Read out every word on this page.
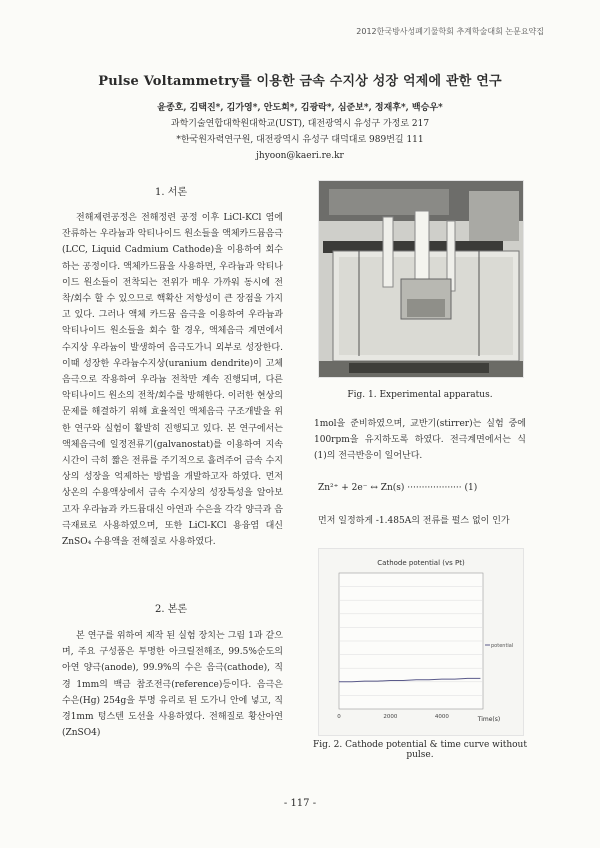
2012한국방사성폐기물학회 추계학술대회 논문요약집
Pulse Voltammetry를 이용한 금속 수지상 성장 억제에 관한 연구
윤종호, 김택진*, 김가영*, 안도희*, 김광락*, 심준보*, 정재후*, 백승우*
과학기술연합대학원대학교(UST), 대전광역시 유성구 가정로 217
*한국원자력연구원, 대전광역시 유성구 대덕대로 989번길 111
jhyoon@kaeri.re.kr
1. 서론

전해제련공정은 전해정련 공정 이후 LiCl-KCl 염에 잔류하는 우라늄과 악티나이드 원소들을 액체카드뮴음극(LCC, Liquid Cadmium Cathode)을 이용하여 회수하는 공정이다. 액체카드뮴을 사용하면, 우라늄과 악티나이드 원소들이 전착되는 전위가 매우 가까워 동시에 전착/회수 할 수 있으므로 핵확산 저항성이 큰 장점을 가지고 있다. 그러나 액체 카드뮴 음극을 이용하여 우라늄과 악티나이드 원소들을 회수 할 경우, 액체음극 계면에서 수지상 우라늄이 발생하여 음극도가니 외부로 성장한다. 이때 성장한 우라늄수지상(uranium dendrite)이 고체음극으로 작용하여 우라늄 전착만 계속 진행되며, 다른 악티나이드 원소의 전착/회수를 방해한다. 이러한 현상의 문제를 해결하기 위해 효율적인 액체음극 구조개발을 위한 연구와 실험이 활발히 진행되고 있다. 본 연구에서는 액체음극에 일정전류기(galvanostat)를 이용하여 지속시간이 극히 짧은 전류를 주기적으로 흘려주어 금속 수지상의 성장을 억제하는 방법을 개발하고자 하였다. 먼저 상온의 수용액상에서 금속 수지상의 성장특성을 알아보고자 우라늄과 카드뮴대신 아연과 수은을 각각 양극과 음극재료로 사용하였으며, 또한 LiCl-KCl 용융염 대신 ZnSO₄ 수용액을 전해질로 사용하였다.

2. 본론

본 연구를 위하여 제작 된 실험 장치는 그림 1과 같으며, 주요 구성품은 투명한 아크릴전해조, 99.5%순도의 아연 양극(anode), 99.9%의 수은 음극(cathode), 직경 1mm의 백금 참조전극(reference)등이다. 음극은 수은(Hg) 254g을 투명 유리로 된 도가니 안에 넣고, 직경1mm 텅스텐 도선을 사용하였다. 전해질로 황산아연(ZnSO4)

Fig. 1. Experimental apparatus.

1mol을 준비하였으며, 교반기(stirrer)는 실험 중에 100rpm을 유지하도록 하였다. 전극계면에서는 식 (1)의 전극반응이 일어난다.

Zn²⁺ + 2e⁻ ↔ Zn(s) ··················· (1)

먼저 일정하게 -1.485A의 전류를 펄스 없이 인가

Cathode potential (vs Pt)
0	2000	4000	Time(s)
potential
Fig. 2. Cathode potential & time curve without pulse.
- 117 -
